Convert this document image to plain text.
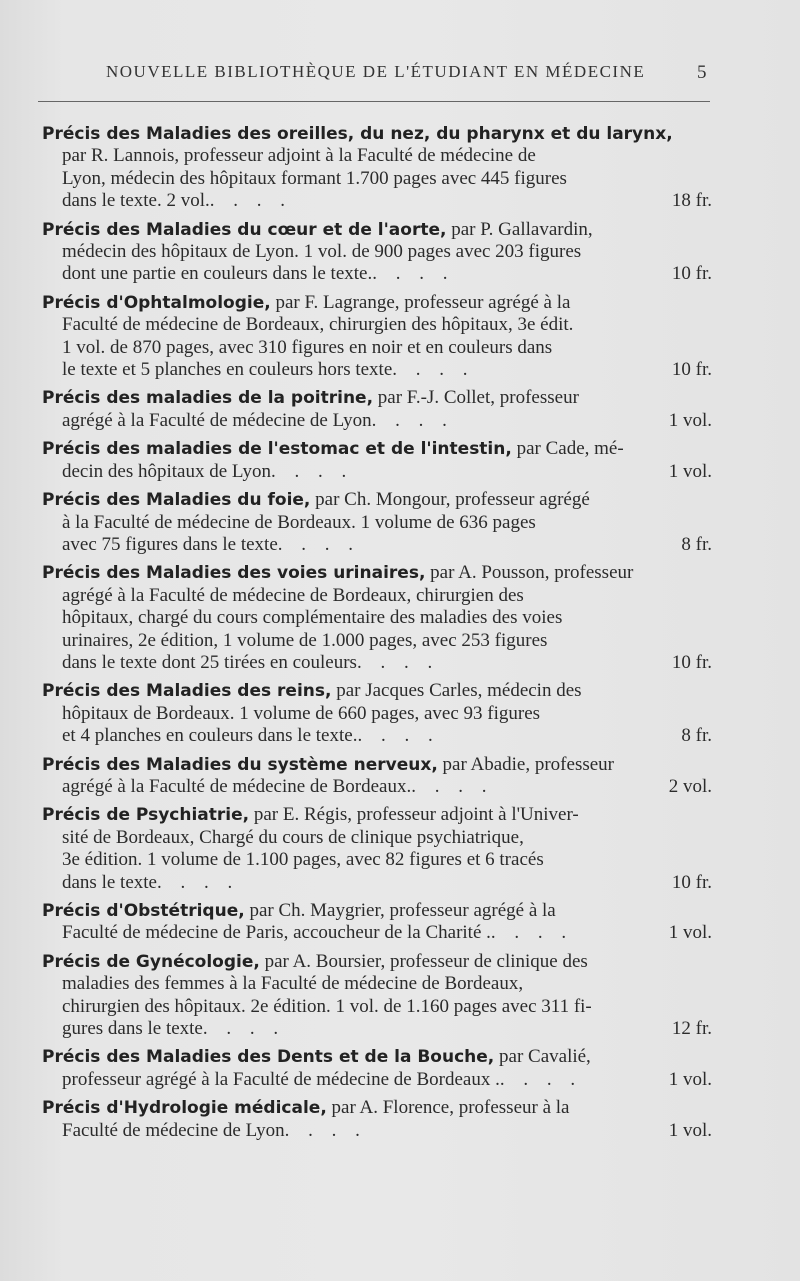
NOUVELLE BIBLIOTHÈQUE DE L'ÉTUDIANT EN MÉDECINE	5
Précis des Maladies des oreilles, du nez, du pharynx et du larynx,
par R. Lannois, professeur adjoint à la Faculté de médecine de
Lyon, médecin des hôpitaux formant 1.700 pages avec 445 figures
dans le texte. 2 vol.. . . .	18 fr.
Précis des Maladies du cœur et de l'aorte, par P. Gallavardin,
médecin des hôpitaux de Lyon. 1 vol. de 900 pages avec 203 figures
dont une partie en couleurs dans le texte.. . . .	10 fr.
Précis d'Ophtalmologie, par F. Lagrange, professeur agrégé à la
Faculté de médecine de Bordeaux, chirurgien des hôpitaux, 3e édit.
1 vol. de 870 pages, avec 310 figures en noir et en couleurs dans
le texte et 5 planches en couleurs hors texte. . . .	10 fr.
Précis des maladies de la poitrine, par F.-J. Collet, professeur
agrégé à la Faculté de médecine de Lyon. . . .	1 vol.
Précis des maladies de l'estomac et de l'intestin, par Cade, mé-
decin des hôpitaux de Lyon. . . .	1 vol.
Précis des Maladies du foie, par Ch. Mongour, professeur agrégé
à la Faculté de médecine de Bordeaux. 1 volume de 636 pages
avec 75 figures dans le texte. . . .	8 fr.
Précis des Maladies des voies urinaires, par A. Pousson, professeur
agrégé à la Faculté de médecine de Bordeaux, chirurgien des
hôpitaux, chargé du cours complémentaire des maladies des voies
urinaires, 2e édition, 1 volume de 1.000 pages, avec 253 figures
dans le texte dont 25 tirées en couleurs. . . .	10 fr.
Précis des Maladies des reins, par Jacques Carles, médecin des
hôpitaux de Bordeaux. 1 volume de 660 pages, avec 93 figures
et 4 planches en couleurs dans le texte.. . . .	8 fr.
Précis des Maladies du système nerveux, par Abadie, professeur
agrégé à la Faculté de médecine de Bordeaux.. . . .	2 vol.
Précis de Psychiatrie, par E. Régis, professeur adjoint à l'Univer-
sité de Bordeaux, Chargé du cours de clinique psychiatrique,
3e édition. 1 volume de 1.100 pages, avec 82 figures et 6 tracés
dans le texte. . . .	10 fr.
Précis d'Obstétrique, par Ch. Maygrier, professeur agrégé à la
Faculté de médecine de Paris, accoucheur de la Charité .. . . .	1 vol.
Précis de Gynécologie, par A. Boursier, professeur de clinique des
maladies des femmes à la Faculté de médecine de Bordeaux,
chirurgien des hôpitaux. 2e édition. 1 vol. de 1.160 pages avec 311 fi-
gures dans le texte. . . .	12 fr.
Précis des Maladies des Dents et de la Bouche, par Cavalié,
professeur agrégé à la Faculté de médecine de Bordeaux .. . . .	1 vol.
Précis d'Hydrologie médicale, par A. Florence, professeur à la
Faculté de médecine de Lyon. . . .	1 vol.
